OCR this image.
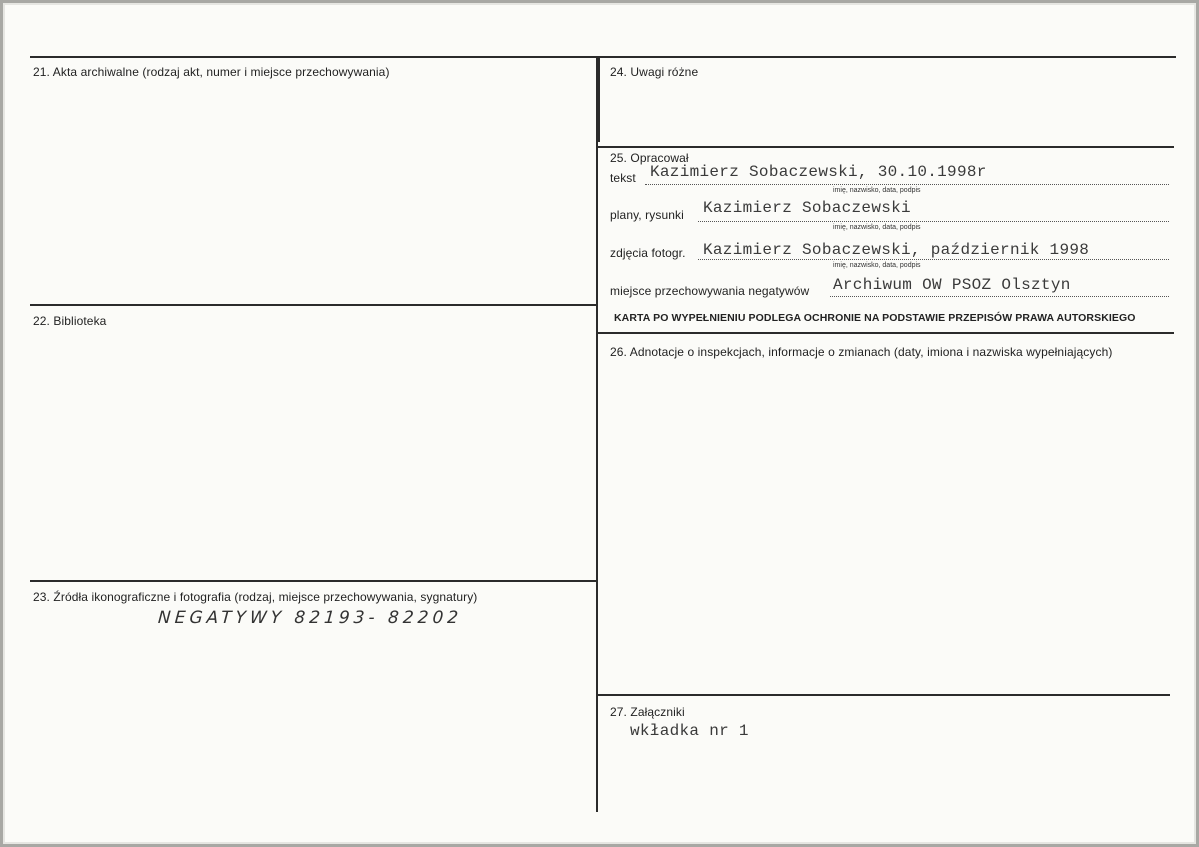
21. Akta archiwalne (rodzaj akt, numer i miejsce przechowywania)
22. Biblioteka
23. Źródła ikonograficzne i fotografia (rodzaj, miejsce przechowywania, sygnatury)
NEGATYWY 82193- 82202
24. Uwagi różne
25. Opracował
tekst Kazimierz Sobaczewski, 30.10.1998r
imię, nazwisko, data, podpis
plany, rysunki Kazimierz Sobaczewski
imię, nazwisko, data, podpis
zdjęcia fotogr. Kazimierz Sobaczewski, październik 1998
imię, nazwisko, data, podpis
miejsce przechowywania negatywów Archiwum OW PSOZ Olsztyn
KARTA PO WYPEŁNIENIU PODLEGA OCHRONIE NA PODSTAWIE PRZEPISÓW PRAWA AUTORSKIEGO
26. Adnotacje o inspekcjach, informacje o zmianach (daty, imiona i nazwiska wypełniających)
27. Załączniki
wkładka nr 1
